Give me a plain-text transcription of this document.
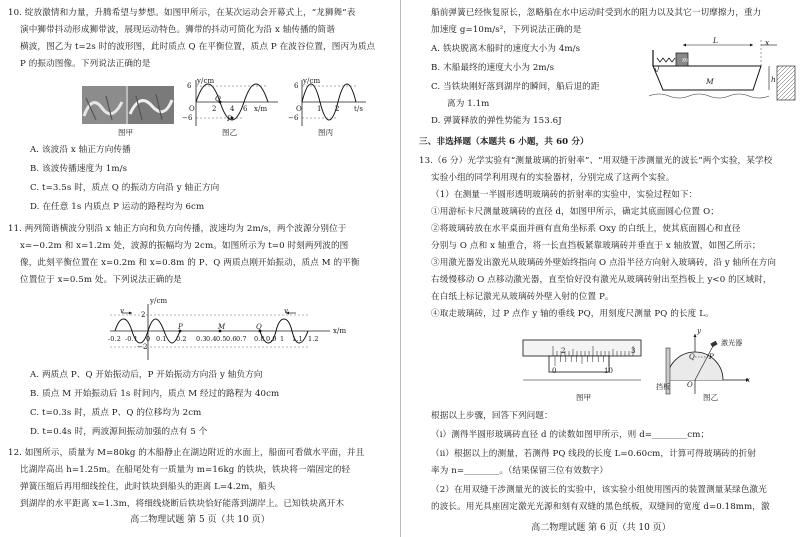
10. 绽放激情和力量，升腾希望与梦想。如图甲所示，在某次运动会开幕式上，“龙狮舞”表
演中狮带抖动形成狮带波，展现运动特色。狮带的抖动可简化为沿 x 轴传播的简谐
横波，图乙为 t=2s 时的波形图，此时质点 Q 在平衡位置，质点 P 在波谷位置，图丙为质点
P 的振动图像。下列说法正确的是
图甲
y/cm
6
−6
O 2 4 6 x/m
P
Q
图乙
y/cm
6
−6
O 1 2 t/s
图丙
A. 该波沿 x 轴正方向传播
B. 该波传播速度为 1m/s
C. t=3.5s 时，质点 Q 的振动方向沿 y 轴正方向
D. 在任意 1s 内质点 P 运动的路程均为 6cm
11. 两列简谐横波分别沿 x 轴正方向和负方向传播，波速均为 2m/s，两个波源分别位于
x=−0.2m 和 x=1.2m 处，波源的振幅均为 2cm。如图所示为 t=0 时刻两列波的图
像，此刻平衡位置在 x=0.2m 和 x=0.8m 的 P、Q 两质点刚开始振动，质点 M 的平衡
位置位于 x=0.5m 处。下列说法正确的是
v	v
y/cm
2
−2
x/m
P	M	Q
-0.2 -0.1 0 0.1 0.2 0.3 0.4 0.5 0.6 0.7 0.8 0.9 1 1.1 1.2
A. 两质点 P、Q 开始振动后，P 开始振动方向沿 y 轴负方向
B. 质点 M 开始振动后 1s 时间内，质点 M 经过的路程为 40cm
C. t=0.3s 时，质点 P、Q 的位移均为 2cm
D. t=0.4s 时，两波源间振动加强的点有 5 个
12. 如图所示，质量为 M=80kg 的木船静止在湖边附近的水面上，船面可看做水平面，并且
比湖岸高出 h=1.25m。在船尾处有一质量为 m=16kg 的铁块，铁块将一端固定的轻
弹簧压缩后再用细线拴住，此时铁块到船头的距离 L=4.2m，船头
到湖岸的水平距离 x=1.3m，将细线烧断后铁块恰好能落到湖岸上。已知铁块离开木
高二物理试题 第 5 页（共 10 页）
船前弹簧已经恢复原长，忽略船在水中运动时受到水的阻力以及其它一切摩擦力，重力
加速度 g=10m/s²，下列说法正确的是
A. 铁块脱离木船时的速度大小为 4m/s
B. 木船最终的速度大小为 2m/s
C. 当铁块刚好落到湖岸的瞬间，船后退的距
离为 1.1m
D. 弹簧释放的弹性势能为 153.6J
L	x
m
M	h
三、非选择题（本题共 6 小题，共 60 分）
13.（6 分）光学实验有“测量玻璃的折射率”、“用双缝干涉测量光的波长”两个实验，某学校
实验小组的同学利用现有的实验器材，分别完成了这两个实验。
（1）在测量一半圆形透明玻璃砖的折射率的实验中，实验过程如下：
①用游标卡尺测量玻璃砖的直径 d，如图甲所示，确定其底面圆心位置 O；
②将玻璃砖放在水平桌面并画有直角坐标系 Oxy 的白纸上，使其底面圆心和直径
分别与 O 点和 x 轴重合，将一长直挡板紧靠玻璃砖并垂直于 x 轴放置，如图乙所示；
③用激光器发出激光从玻璃砖外壁始终指向 O 点沿半径方向射入玻璃砖，沿 y 轴所在方向
右缓慢移动 O 点移动激光器，直至恰好没有激光从玻璃砖射出至挡板上 y<0 的区域时，
在白纸上标记激光从玻璃砖外壁入射的位置 P。
④取走玻璃砖，过 P 点作 y 轴的垂线 PQ，用刻度尺测量 PQ 的长度 L。
2	3
0	10
图甲
y
x
O
P
Q
激光器
挡板
图乙
根据以上步骤，回答下列问题：
（ⅰ）测得半圆形玻璃砖直径 d 的读数如图甲所示，则 d=________cm；
（ⅱ）根据以上的测量，若测得 PQ 线段的长度 L=0.60cm，计算可得玻璃砖的折射
率为 n=________。（结果保留三位有效数字）
（2）在用双缝干涉测量光的波长的实验中，该实验小组使用图丙的装置测量某绿色激光
的波长。用光具座固定激光光源和刻有双缝的黑色纸板，双缝间的宽度 d=0.18mm，激
高二物理试题 第 6 页（共 10 页）
